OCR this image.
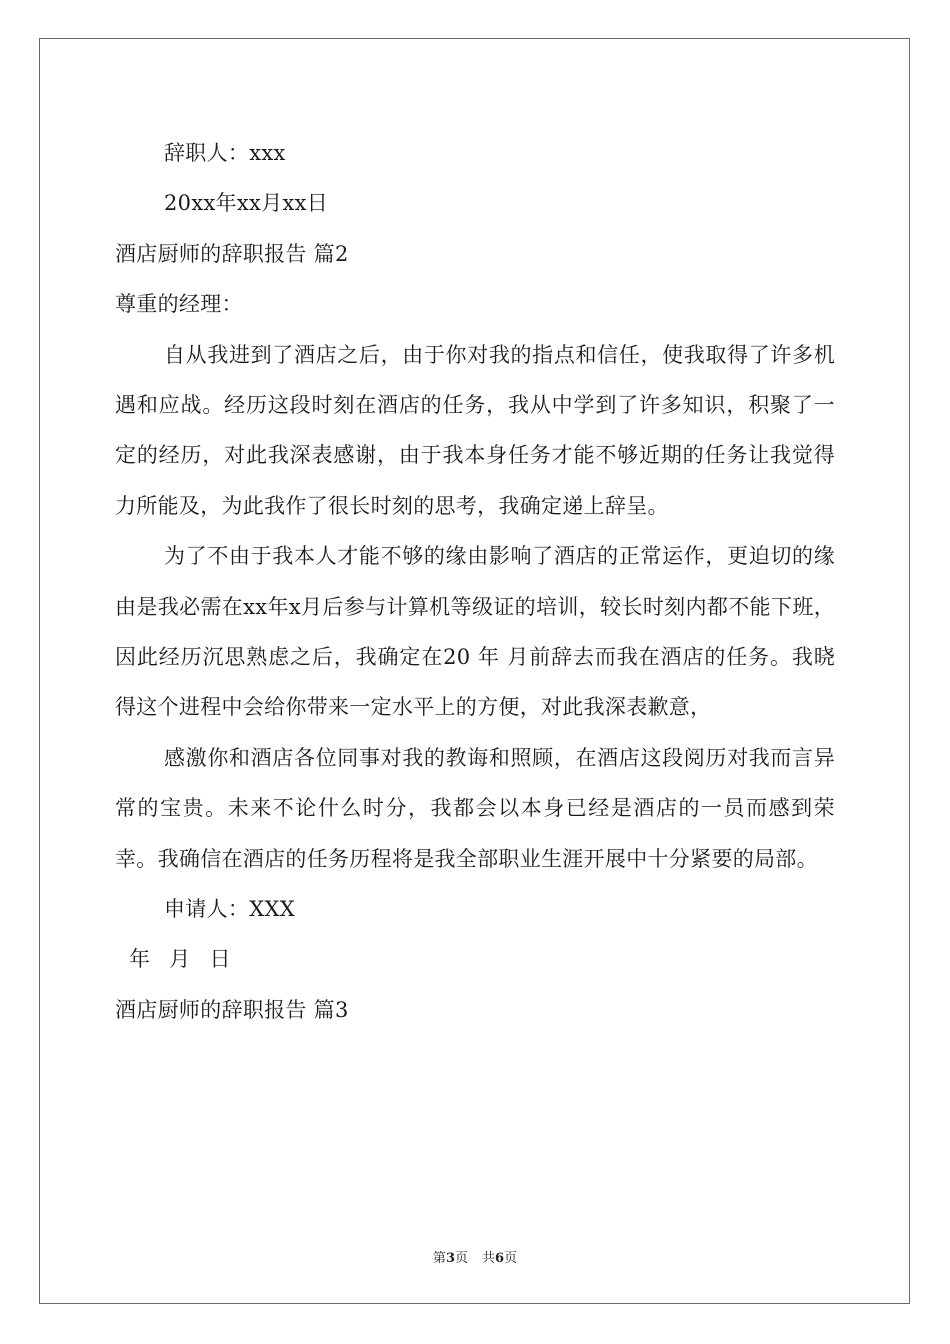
辞职人：xxx
20xx年xx月xx日
酒店厨师的辞职报告 篇2
尊重的经理：

自从我进到了酒店之后，由于你对我的指点和信任，使我取得了许多机遇和应战。经历这段时刻在酒店的任务，我从中学到了许多知识，积聚了一定的经历，对此我深表感谢，由于我本身任务才能不够近期的任务让我觉得力所能及，为此我作了很长时刻的思考，我确定递上辞呈。

为了不由于我本人才能不够的缘由影响了酒店的正常运作，更迫切的缘由是我必需在xx年x月后参与计算机等级证的培训，较长时刻内都不能下班，因此经历沉思熟虑之后，我确定在20 年 月前辞去而我在酒店的任务。我晓得这个进程中会给你带来一定水平上的方便，对此我深表歉意，

感激你和酒店各位同事对我的教诲和照顾，在酒店这段阅历对我而言异常的宝贵。未来不论什么时分，我都会以本身已经是酒店的一员而感到荣幸。我确信在酒店的任务历程将是我全部职业生涯开展中十分紧要的局部。

申请人：XXX
年 月 日
酒店厨师的辞职报告 篇3
第3页 共6页
